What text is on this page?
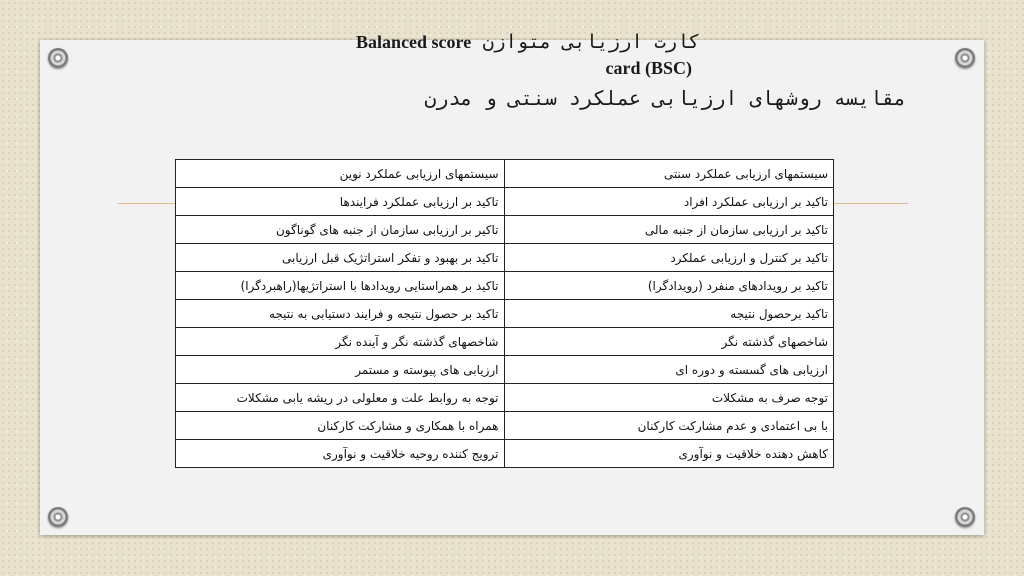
کارت ارزیابی متوازن Balanced score
card (BSC)
مقایسه روشهای ارزیابی عملکرد سنتی و مدرن
سیستمهای ارزیابی عملکرد سنتی	سیستمهای ارزیابی عملکرد نوین
تاکید بر ارزیابی عملکرد افراد	تاکید بر ارزیابی عملکرد فرایندها
تاکید بر ارزیابی سازمان از جنبه مالی	تاکیر بر ارزیابی سازمان از جنبه های گوناگون
تاکید بر کنترل و ارزیابی عملکرد	تاکید بر بهبود و تفکر استراتژیک قبل ارزیابی
تاکید بر رویدادهای منفرد (رویدادگرا)	تاکید بر همراستایی رویدادها با استراتژیها(راهبردگرا)
تاکید برحصول نتیجه	تاکید بر حصول نتیجه و فرایند دستیابی به نتیجه
شاخصهای گذشته نگر	شاخصهای گذشته نگر و آینده نگر
ارزیابی های گسسته و دوره ای	ارزیابی های پیوسته و مستمر
توجه صرف به مشکلات	توجه به روابط علت و معلولی در ریشه یابی مشکلات
با بی اعتمادی و عدم مشارکت کارکنان	همراه با همکاری و مشارکت کارکنان
کاهش دهنده خلاقیت و نوآوری	ترویج کننده روحیه خلاقیت و نوآوری
